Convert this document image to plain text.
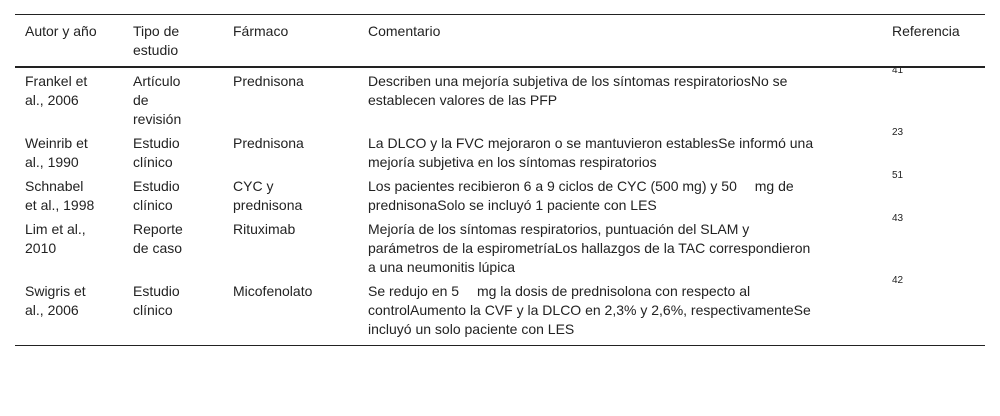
Autor y año	Tipo de estudio	Fármaco	Comentario	Referencia

Frankel et al., 2006	Artículo de revisión	Prednisona	Describen una mejoría subjetiva de los síntomas respiratoriosNo se establecen valores de las PFP	$^{41}$

Weinrib et al., 1990	Estudio clínico	Prednisona	La DLCO y la FVC mejoraron o se mantuvieron establesSe informó una mejoría subjetiva en los síntomas respiratorios	$^{23}$

Schnabel et al., 1998	Estudio clínico	CYC y prednisona	Los pacientes recibieron 6 a 9 ciclos de CYC (500 mg) y 50  mg de prednisonaSolo se incluyó 1 paciente con LES	$^{51}$

Lim et al., 2010	Reporte de caso	Rituximab	Mejoría de los síntomas respiratorios, puntuación del SLAM y parámetros de la espirometríaLos hallazgos de la TAC correspondieron a una neumonitis lúpica	$^{43}$

Swigris et al., 2006	Estudio clínico	Micofenolato	Se redujo en 5  mg la dosis de prednisolona con respecto al controlAumento la CVF y la DLCO en 2,3% y 2,6%, respectivamenteSe incluyó un solo paciente con LES	$^{42}$
